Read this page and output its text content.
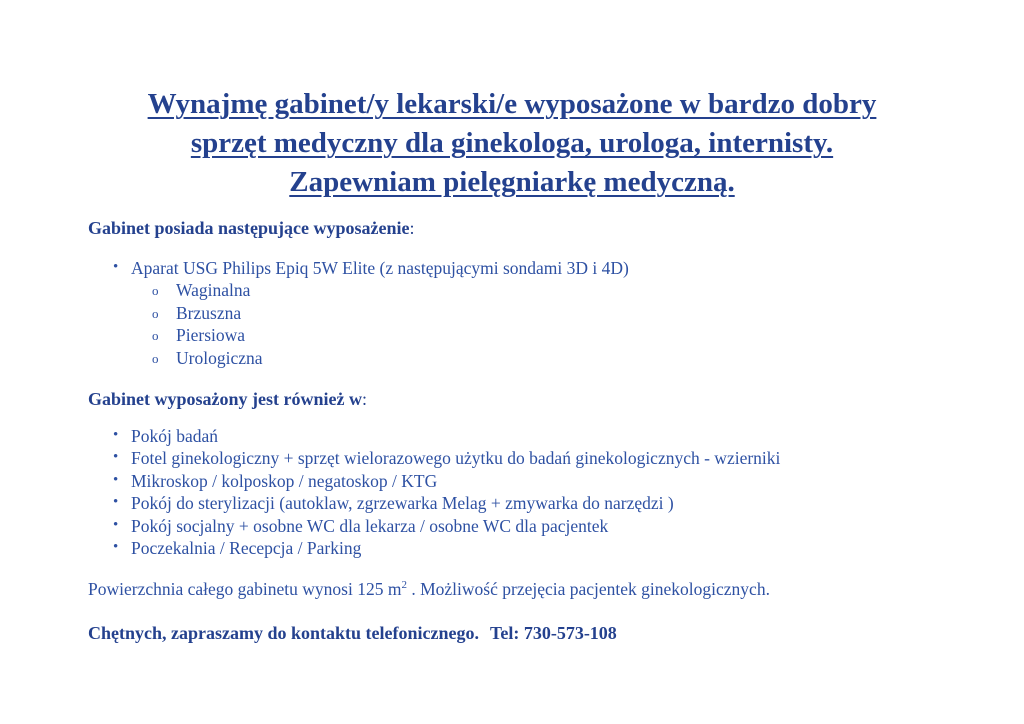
Wynajmę gabinet/y lekarski/e wyposażone w bardzo dobry
sprzęt medyczny dla ginekologa, urologa, internisty.
Zapewniam pielęgniarkę medyczną.
Gabinet posiada następujące wyposażenie:
• Aparat USG Philips Epiq 5W Elite (z następującymi sondami 3D i 4D)
o Waginalna
o Brzuszna
o Piersiowa
o Urologiczna
Gabinet wyposażony jest również w:
• Pokój badań
• Fotel ginekologiczny + sprzęt wielorazowego użytku do badań ginekologicznych - wzierniki
• Mikroskop / kolposkop / negatoskop / KTG
• Pokój do sterylizacji (autoklaw, zgrzewarka Melag + zmywarka do narzędzi )
• Pokój socjalny + osobne WC dla lekarza / osobne WC dla pacjentek
• Poczekalnia / Recepcja / Parking
Powierzchnia całego gabinetu wynosi 125 $m^2$ . Możliwość przejęcia pacjentek ginekologicznych.
Chętnych, zapraszamy do kontaktu telefonicznego. Tel: 730-573-108
